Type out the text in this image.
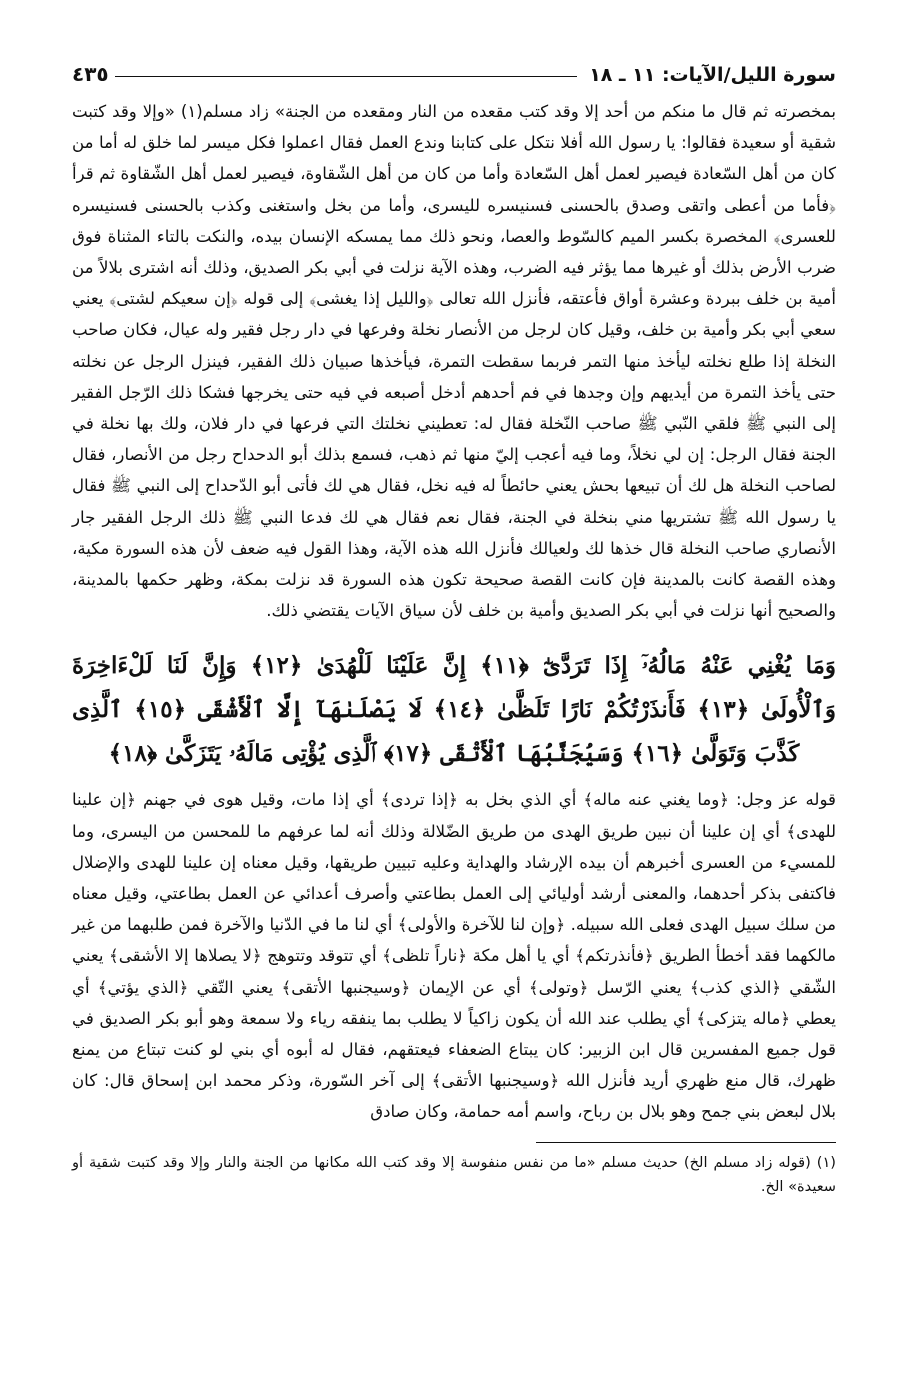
سورة الليل/الآيات: ١١ ـ ١٨
٤٣٥

بمخصرته ثم قال ما منكم من أحد إلا وقد كتب مقعده من النار ومقعده من الجنة» زاد مسلم(١) «وإلا وقد كتبت شقية أو سعيدة فقالوا: يا رسول الله أفلا نتكل على كتابنا وندع العمل فقال اعملوا فكل ميسر لما خلق له أما من كان من أهل السّعادة فيصير لعمل أهل السّعادة وأما من كان من أهل الشّقاوة، فيصير لعمل أهل الشّقاوة ثم قرأ ﴿فأما من أعطى واتقى وصدق بالحسنى فسنيسره لليسرى، وأما من بخل واستغنى وكذب بالحسنى فسنيسره للعسرى﴾ المخصرة بكسر الميم كالسّوط والعصا، ونحو ذلك مما يمسكه الإنسان بيده، والنكت بالتاء المثناة فوق ضرب الأرض بذلك أو غيرها مما يؤثر فيه الضرب، وهذه الآية نزلت في أبي بكر الصديق، وذلك أنه اشترى بلالاً من أمية بن خلف ببردة وعشرة أواق فأعتقه، فأنزل الله تعالى ﴿والليل إذا يغشى﴾ إلى قوله ﴿إن سعيكم لشتى﴾ يعني سعي أبي بكر وأمية بن خلف، وقيل كان لرجل من الأنصار نخلة وفرعها في دار رجل فقير وله عيال، فكان صاحب النخلة إذا طلع نخلته ليأخذ منها التمر فربما سقطت التمرة، فيأخذها صبيان ذلك الفقير، فينزل الرجل عن نخلته حتى يأخذ التمرة من أيديهم وإن وجدها في فم أحدهم أدخل أصبعه في فيه حتى يخرجها فشكا ذلك الرّجل الفقير إلى النبي ﷺ فلقي النّبي ﷺ صاحب النّخلة فقال له: تعطيني نخلتك التي فرعها في دار فلان، ولك بها نخلة في الجنة فقال الرجل: إن لي نخلاً، وما فيه أعجب إليّ منها ثم ذهب، فسمع بذلك أبو الدحداح رجل من الأنصار، فقال لصاحب النخلة هل لك أن تبيعها بحش يعني حائطاً له فيه نخل، فقال هي لك فأتى أبو الدّحداح إلى النبي ﷺ فقال يا رسول الله ﷺ تشتريها مني بنخلة في الجنة، فقال نعم فقال هي لك فدعا النبي ﷺ ذلك الرجل الفقير جار الأنصاري صاحب النخلة قال خذها لك ولعيالك فأنزل الله هذه الآية، وهذا القول فيه ضعف لأن هذه السورة مكية، وهذه القصة كانت بالمدينة فإن كانت القصة صحيحة تكون هذه السورة قد نزلت بمكة، وظهر حكمها بالمدينة، والصحيح أنها نزلت في أبي بكر الصديق وأمية بن خلف لأن سياق الآيات يقتضي ذلك.

وَمَا يُغْنِي عَنْهُ مَالُهُۥٓ إِذَا تَرَدَّىٰٓ ﴿١١﴾ إِنَّ عَلَيْنَا لَلْهُدَىٰ ﴿١٢﴾ وَإِنَّ لَنَا لَلْءَاخِرَةَ وَٱلْأُولَىٰ ﴿١٣﴾ فَأَنذَرْتُكُمْ نَارًا تَلَظَّىٰ ﴿١٤﴾ لَا يَصْلَىٰهَآ إِلَّا ٱلْأَشْقَى ﴿١٥﴾ ٱلَّذِى كَذَّبَ وَتَوَلَّىٰ ﴿١٦﴾ وَسَيُجَنَّبُهَا ٱلْأَتْقَى ﴿١٧﴾ ٱلَّذِى يُؤْتِى مَالَهُۥ يَتَزَكَّىٰ ﴿١٨﴾

قوله عز وجل: ﴿وما يغني عنه ماله﴾ أي الذي بخل به ﴿إذا تردى﴾ أي إذا مات، وقيل هوى في جهنم ﴿إن علينا للهدى﴾ أي إن علينا أن نبين طريق الهدى من طريق الضّلالة وذلك أنه لما عرفهم ما للمحسن من اليسرى، وما للمسيء من العسرى أخبرهم أن بيده الإرشاد والهداية وعليه تبيين طريقها، وقيل معناه إن علينا للهدى والإضلال فاكتفى بذكر أحدهما، والمعنى أرشد أوليائي إلى العمل بطاعتي وأصرف أعدائي عن العمل بطاعتي، وقيل معناه من سلك سبيل الهدى فعلى الله سبيله. ﴿وإن لنا للآخرة والأولى﴾ أي لنا ما في الدّنيا والآخرة فمن طلبهما من غير مالكهما فقد أخطأ الطريق ﴿فأنذرتكم﴾ أي يا أهل مكة ﴿ناراً تلظى﴾ أي تتوقد وتتوهج ﴿لا يصلاها إلا الأشقى﴾ يعني الشّقي ﴿الذي كذب﴾ يعني الرّسل ﴿وتولى﴾ أي عن الإيمان ﴿وسيجنبها الأتقى﴾ يعني التّقي ﴿الذي يؤتي﴾ أي يعطي ﴿ماله يتزكى﴾ أي يطلب عند الله أن يكون زاكياً لا يطلب بما ينفقه رياء ولا سمعة وهو أبو بكر الصديق في قول جميع المفسرين قال ابن الزبير: كان يبتاع الضعفاء فيعتقهم، فقال له أبوه أي بني لو كنت تبتاع من يمنع ظهرك، قال منع ظهري أريد فأنزل الله ﴿وسيجنبها الأتقى﴾ إلى آخر السّورة، وذكر محمد ابن إسحاق قال: كان بلال لبعض بني جمح وهو بلال بن رباح، واسم أمه حمامة، وكان صادق

(١) (قوله زاد مسلم الخ) حديث مسلم «ما من نفس منفوسة إلا وقد كتب الله مكانها من الجنة والنار وإلا وقد كتبت شقية أو سعيدة» الخ.
